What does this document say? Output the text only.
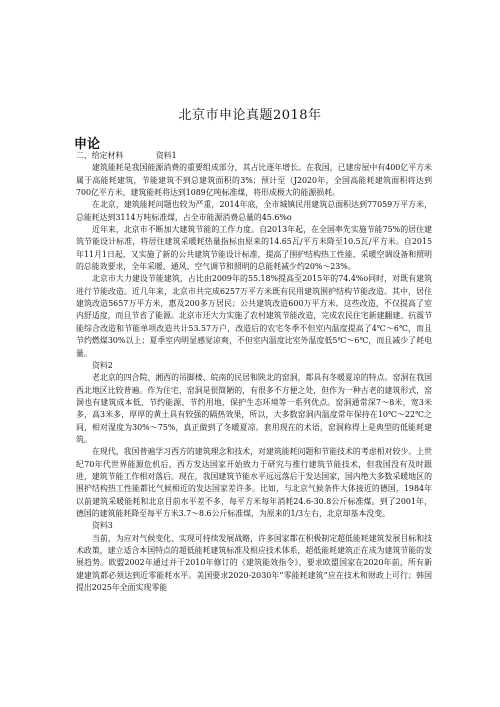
北京市申论真题2018年
申论

二、给定材料	资料1

建筑能耗是我国能源消费的重要组成部分，其占比逐年增长。在我国，已建房屋中有400亿平方米属于高能耗建筑，节能建筑不到总建筑面积的3%；预计至（J2020年，全国高能耗建筑面积将达到700亿平方米，建筑能耗将达到1089亿吨标准煤，将形成极大的能源损耗。

在北京，建筑能耗问题也较为严重，2014年底，全市城镇民用建筑总面积达到77059万平方米，总能耗达到3114万吨标准煤，占全市能源消费总量的45.6%o

近年来，北京市不断加大建筑节能的工作力度。自2013年起，在全国率先实施节能75%的居住建筑节能设计标准，将居住建筑采暖耗热量指标由原来的14.65瓦/平方米降至10.5瓦/平方米。自2015年11月1日起，又实施了新的公共建筑节能设计标准，提高了围护结构热工性能、采暖空调设备和照明的总能效要求，全年采暖、通风、空气调节和照明的总能耗减少约20%～23%。

北京市大力建设节能建筑，占比由2009年的55.18%提高至2015年的74.4%o同时，对既有建筑进行节能改造。近几年来，北京市共完成6257万平方米既有民用建筑围护结构节能改造。其中，居住建筑改造5657万平方米，惠及200多万居民；公共建筑改造600万平方米。这些改造，不仅提高了室内舒适度，而且节省了能源。北京市还大力实施了农村建筑节能改造，完成农民住宅新建翻建、抗震节能综合改造和节能单项改造共计53.57万户，改造后的农宅冬季不但室内温度提高了4℃～6℃，而且节约燃煤30%以上；夏季室内明显感觉凉爽，不但室内温度比室外温度低5℃～6℃，而且减少了耗电量。

资料2

老北京的四合院、湘西的吊脚楼、皖南的民居和陕北的窑洞，都具有冬暖夏凉的特点。窑洞在我国西北地区比较普遍。作为住宅，窑洞是很简陋的，有很多不方便之处，但作为一种古老的建筑形式，窑洞也有建筑成本低、节约能源、节约用地、保护生态环境等一系列优点。窑洞通常深7～8米，宽3米多，高3米多，厚厚的黄土具有较强的隔热效果，所以，大多数窑洞内温度常年保持在10℃～22℃之间，相对湿度为30%～75%，真正做到了冬暖夏凉。套用现在的术语，窑洞称得上是典型的低能耗建筑。

在现代，我国普遍学习西方的建筑理念和技术，对建筑能耗问题和节能技术的考虑相对较少。上世纪70年代世界能源危机后，西方发达国家开始致力于研究与推行建筑节能技术，但我国没有及时跟进，建筑节能工作相对落后。现在，我国建筑节能水平远远落后于发达国家，国内绝大多数采暖地区的围护结构热工性能都比气候相近的发达国家差许多。比如，与北京气候条件大体接近的德国，1984年以前建筑采暖能耗和北京目前水平差不多，每平方米每年消耗24.6-30.8公斤标准煤。到了2001年，德国的建筑能耗降至每平方米3.7～8.6公斤标准煤，为原来的1/3左右，北京却基本没变。

资料3

当前，为应对气候变化、实现可持续发展战略，许多国家都在积极制定超低能耗建筑发展目标和技术政策，建立适合本国特点的超低能耗建筑标准及相应技术体系，超低能耗建筑正在成为建筑节能的发展趋势。欧盟2002年通过并于2010年修订的《建筑能效指令》，要求欧盟国家在2020年前，所有新建建筑都必须达到近零能耗水平。美国要求2020-2030年“零能耗建筑”应在技术和财政上可行；韩国提出2025年全面实现零能
